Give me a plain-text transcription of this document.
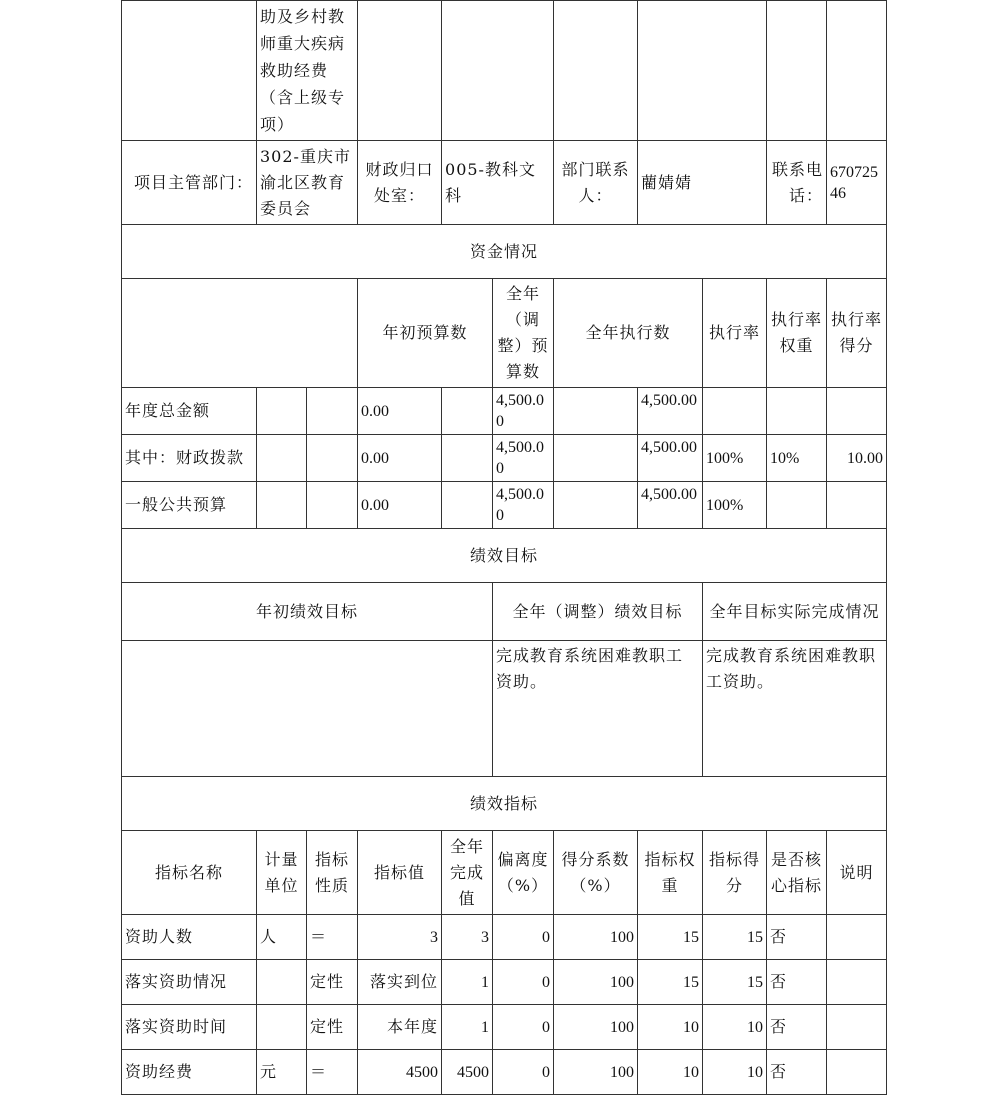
	助及乡村教师重大疾病救助经费（含上级专项）									
项目主管部门：	302-重庆市渝北区教育委员会		财政归口处室：	005-教科文科		部门联系人：	藺婧婧		联系电话：	67072546
资金情况										
			年初预算数		全年（调整）预算数	全年执行数		执行率	执行率权重	执行率得分
年度总金额			0.00		4,500.00		4,500.00			
其中：财政拨款			0.00		4,500.00		4,500.00	100%	10%	10.00
一般公共预算			0.00		4,500.00		4,500.00	100%		
绩效目标										
年初绩效目标					全年（调整）绩效目标			全年目标实际完成情况		
					完成教育系统困难教职工资助。			完成教育系统困难教职工资助。		
绩效指标										
指标名称	计量单位	指标性质	指标值	全年完成值	偏离度（%）	得分系数（%）	指标权重	指标得分	是否核心指标	说明
资助人数	人	＝	3	3	0	100	15	15	否	
落实资助情况		定性	落实到位	1	0	100	15	15	否	
落实资助时间		定性	本年度	1	0	100	10	10	否	
资助经费	元	＝	4500	4500	0	100	10	10	否	
